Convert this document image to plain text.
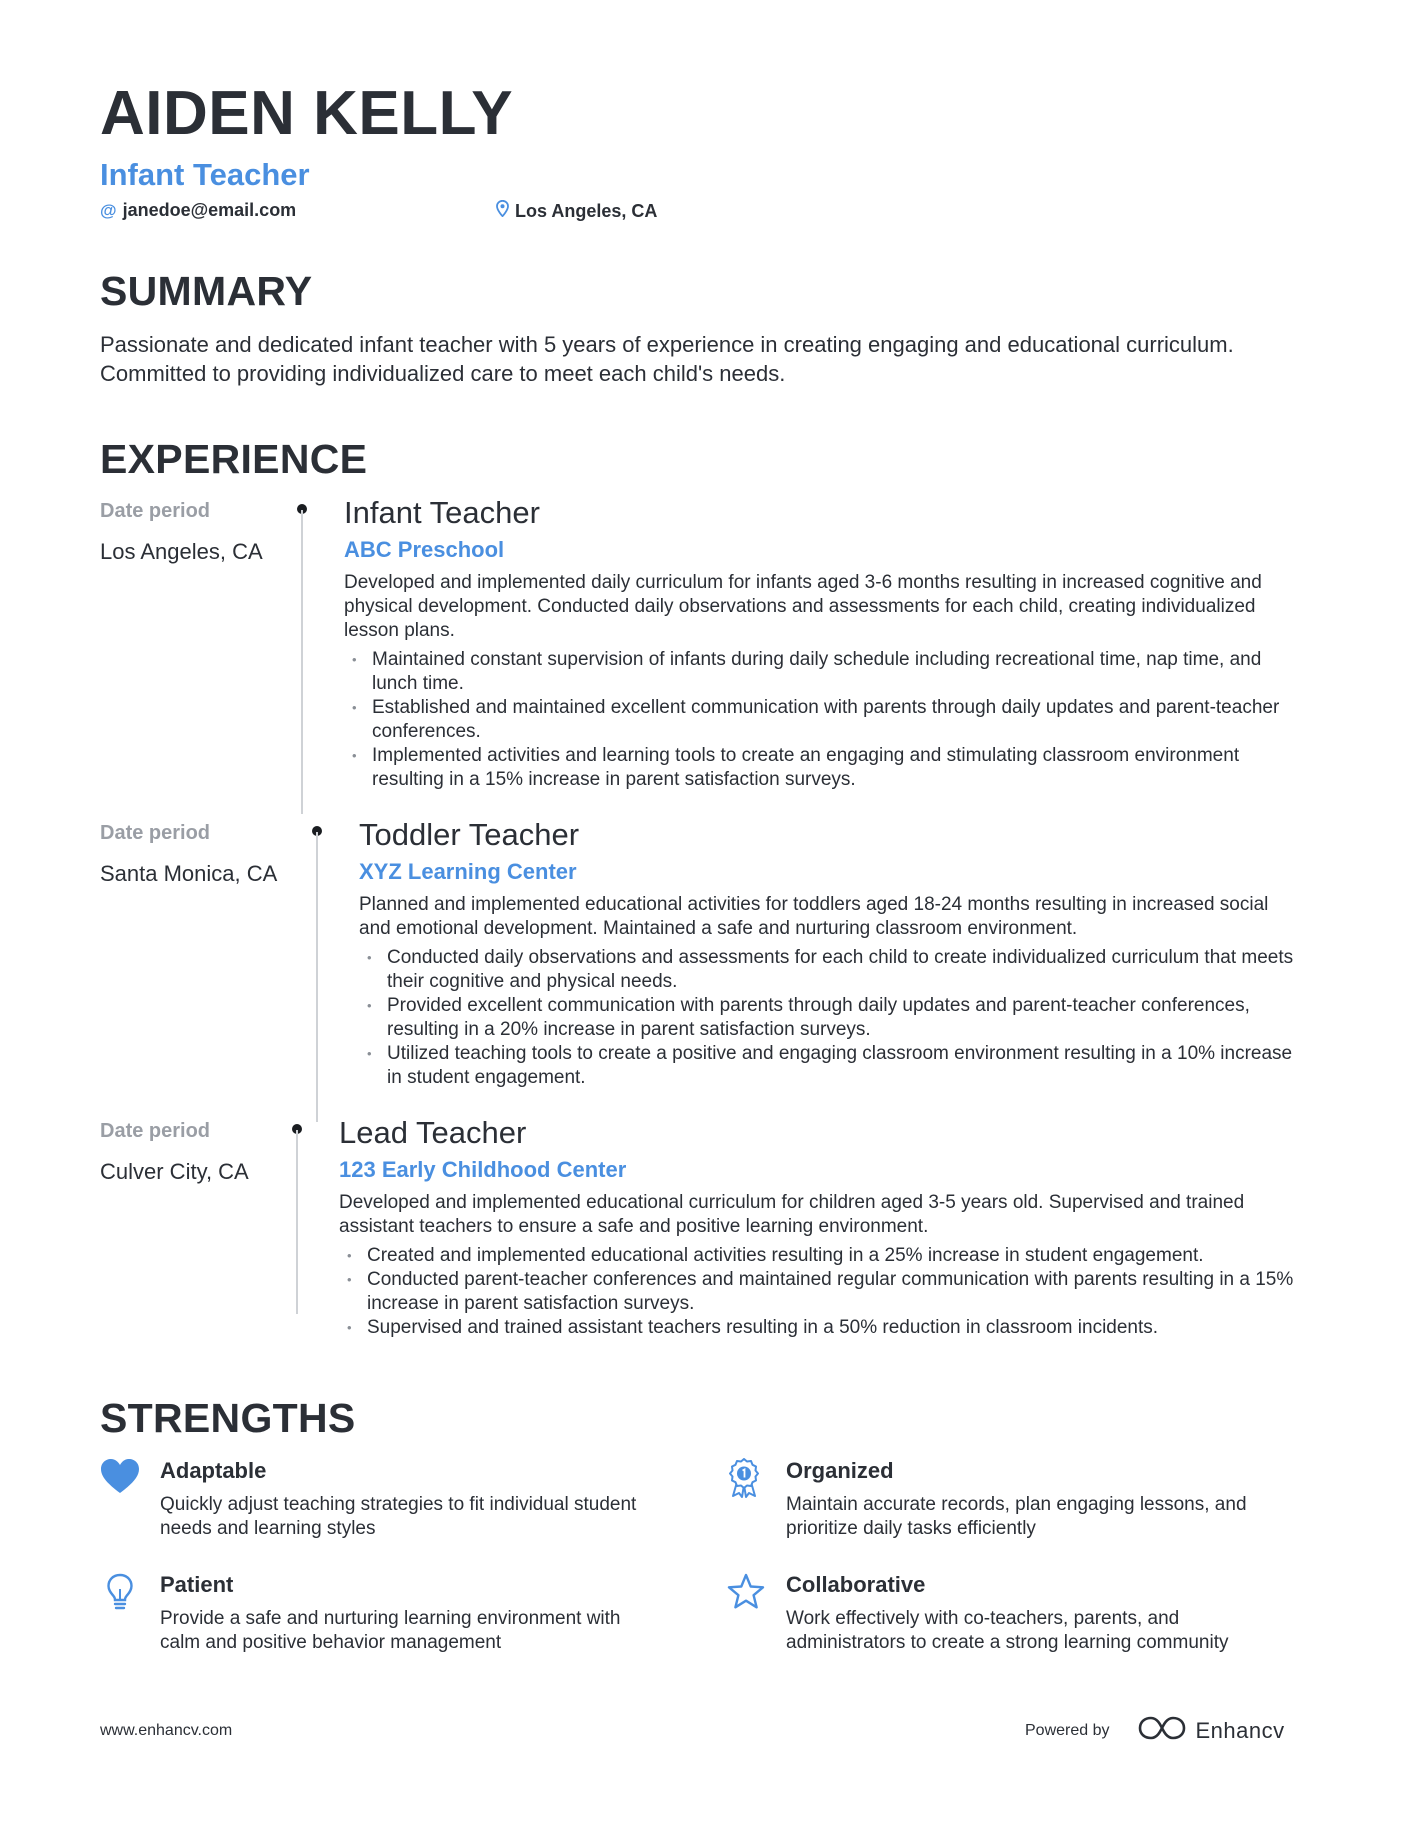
AIDEN KELLY
Infant Teacher
@ janedoe@email.com	Los Angeles, CA
SUMMARY
Passionate and dedicated infant teacher with 5 years of experience in creating engaging and educational curriculum. Committed to providing individualized care to meet each child's needs.
EXPERIENCE
Date period
Los Angeles, CA
Infant Teacher
ABC Preschool
Developed and implemented daily curriculum for infants aged 3-6 months resulting in increased cognitive and physical development. Conducted daily observations and assessments for each child, creating individualized lesson plans.
• Maintained constant supervision of infants during daily schedule including recreational time, nap time, and lunch time.
• Established and maintained excellent communication with parents through daily updates and parent-teacher conferences.
• Implemented activities and learning tools to create an engaging and stimulating classroom environment resulting in a 15% increase in parent satisfaction surveys.
Date period
Santa Monica, CA
Toddler Teacher
XYZ Learning Center
Planned and implemented educational activities for toddlers aged 18-24 months resulting in increased social and emotional development. Maintained a safe and nurturing classroom environment.
• Conducted daily observations and assessments for each child to create individualized curriculum that meets their cognitive and physical needs.
• Provided excellent communication with parents through daily updates and parent-teacher conferences, resulting in a 20% increase in parent satisfaction surveys.
• Utilized teaching tools to create a positive and engaging classroom environment resulting in a 10% increase in student engagement.
Date period
Culver City, CA
Lead Teacher
123 Early Childhood Center
Developed and implemented educational curriculum for children aged 3-5 years old. Supervised and trained assistant teachers to ensure a safe and positive learning environment.
• Created and implemented educational activities resulting in a 25% increase in student engagement.
• Conducted parent-teacher conferences and maintained regular communication with parents resulting in a 15% increase in parent satisfaction surveys.
• Supervised and trained assistant teachers resulting in a 50% reduction in classroom incidents.
STRENGTHS
Adaptable
Quickly adjust teaching strategies to fit individual student needs and learning styles
Organized
Maintain accurate records, plan engaging lessons, and prioritize daily tasks efficiently
Patient
Provide a safe and nurturing learning environment with calm and positive behavior management
Collaborative
Work effectively with co-teachers, parents, and administrators to create a strong learning community
www.enhancv.com	Powered by	Enhancv
